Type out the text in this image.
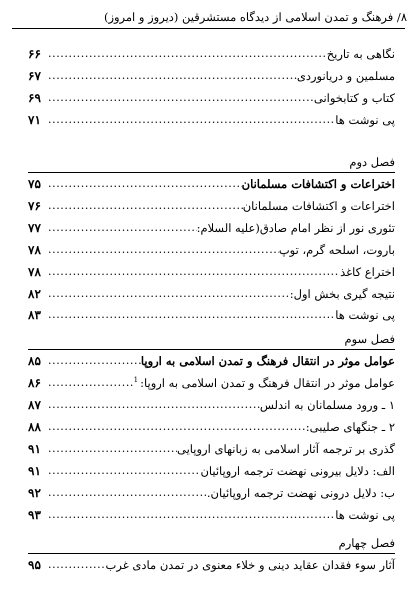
۸/ فرهنگ و تمدن اسلامی از دیدگاه مستشرقین (دیروز و امروز)
نگاهی به تاریخ
.....
۶۶
مسلمین و دریانوردی
.....
۶۷
کتاب و کتابخوانی
.....
۶۹
پی نوشت ها
.....
۷۱
فصل دوم
اختراعات و اکتشافات مسلمانان
.....
۷۵
اختراعات و اکتشافات مسلمانان
.....
۷۶
تئوری نور از نظر امام صادق(علیه السلام:
.....
۷۷
باروت، اسلحه گرم، توپ
.....
۷۸
اختراع کاغذ
.....
۷۸
نتیجه گیری بخش اول:
.....
۸۲
پی نوشت ها
.....
۸۳
فصل سوم
عوامل موثر در انتقال فرهنگ و تمدن اسلامی به اروپا
.....
۸۵
عوامل موثر در انتقال فرهنگ و تمدن اسلامی به اروپا:$^1$
.....
۸۶
۱ ـ ورود مسلمانان به اندلس
.....
۸۷
۲ ـ جنگهای صلیبی:
.....
۸۸
گذری بر ترجمه آثار اسلامی به زبانهای اروپایی
.....
۹۱
الف: دلایل بیرونی نهضت ترجمه اروپائیان
.....
۹۱
ب: دلایل درونی نهضت ترجمه اروپائیان.
.....
۹۲
پی نوشت ها
.....
۹۳
فصل چهارم
آثار سوء فقدان عقاید دینی و خلاء معنوی در تمدن مادی غرب
.....
۹۵
